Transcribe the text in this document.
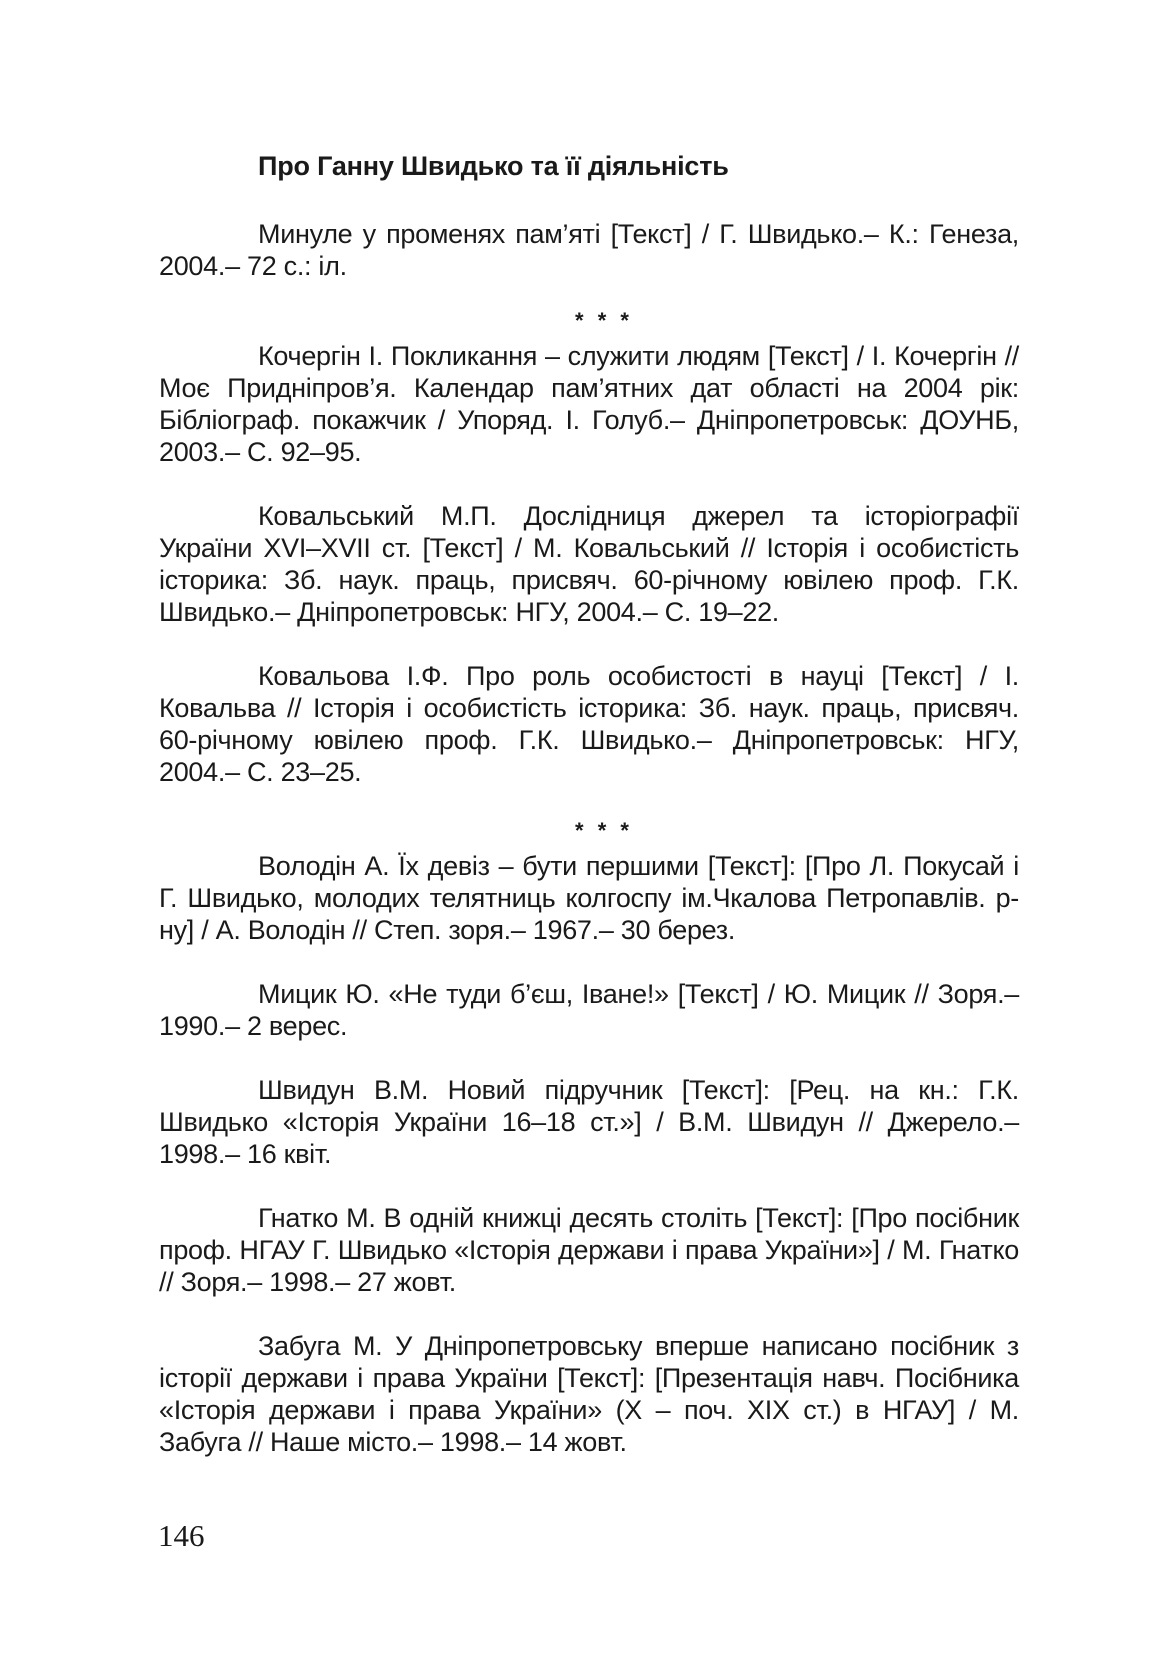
Про Ганну Швидько та її діяльність

Минуле у променях пам’яті [Текст] / Г. Швидько.– К.: Генеза, 2004.– 72 с.: іл.

* * *

Кочергін І. Покликання – служити людям [Текст] / І. Кочергін // Моє Придніпров’я. Календар пам’ятних дат області на 2004 рік: Бібліограф. покажчик / Упоряд. І. Голуб.– Дніпропетровськ: ДОУНБ, 2003.– С. 92–95.

Ковальський М.П. Дослідниця джерел та історіографії України XVI–XVII ст. [Текст] / М. Ковальський // Історія і особистість історика: Зб. наук. праць, присвяч. 60-річному ювілею проф. Г.К. Швидько.– Дніпропетровськ: НГУ, 2004.– С. 19–22.

Ковальова І.Ф. Про роль особистості в науці [Текст] / І. Ковальва // Історія і особистість історика: Зб. наук. праць, присвяч. 60-річному ювілею проф. Г.К. Швидько.– Дніпропетровськ: НГУ, 2004.– С. 23–25.

* * *

Володін А. Їх девіз – бути першими [Текст]: [Про Л. Покусай і Г. Швидько, молодих телятниць колгоспу ім.Чкалова Петропавлів. р-ну] / А. Володін // Степ. зоря.– 1967.– 30 берез.

Мицик Ю. «Не туди б’єш, Іване!» [Текст] / Ю. Мицик // Зоря.– 1990.– 2 верес.

Швидун В.М. Новий підручник [Текст]: [Рец. на кн.: Г.К. Швидько «Історія України 16–18 ст.»] / В.М. Швидун // Джерело.– 1998.– 16 квіт.

Гнатко М. В одній книжці десять століть [Текст]: [Про посібник проф. НГАУ Г. Швидько «Історія держави і права України»] / М. Гнатко // Зоря.– 1998.– 27 жовт.

Забуга М. У Дніпропетровську вперше написано посібник з історії держави і права України [Текст]: [Презентація навч. Посібника «Історія держави і права України» (X – поч. XIX ст.) в НГАУ] / М. Забуга // Наше місто.– 1998.– 14 жовт.

146
